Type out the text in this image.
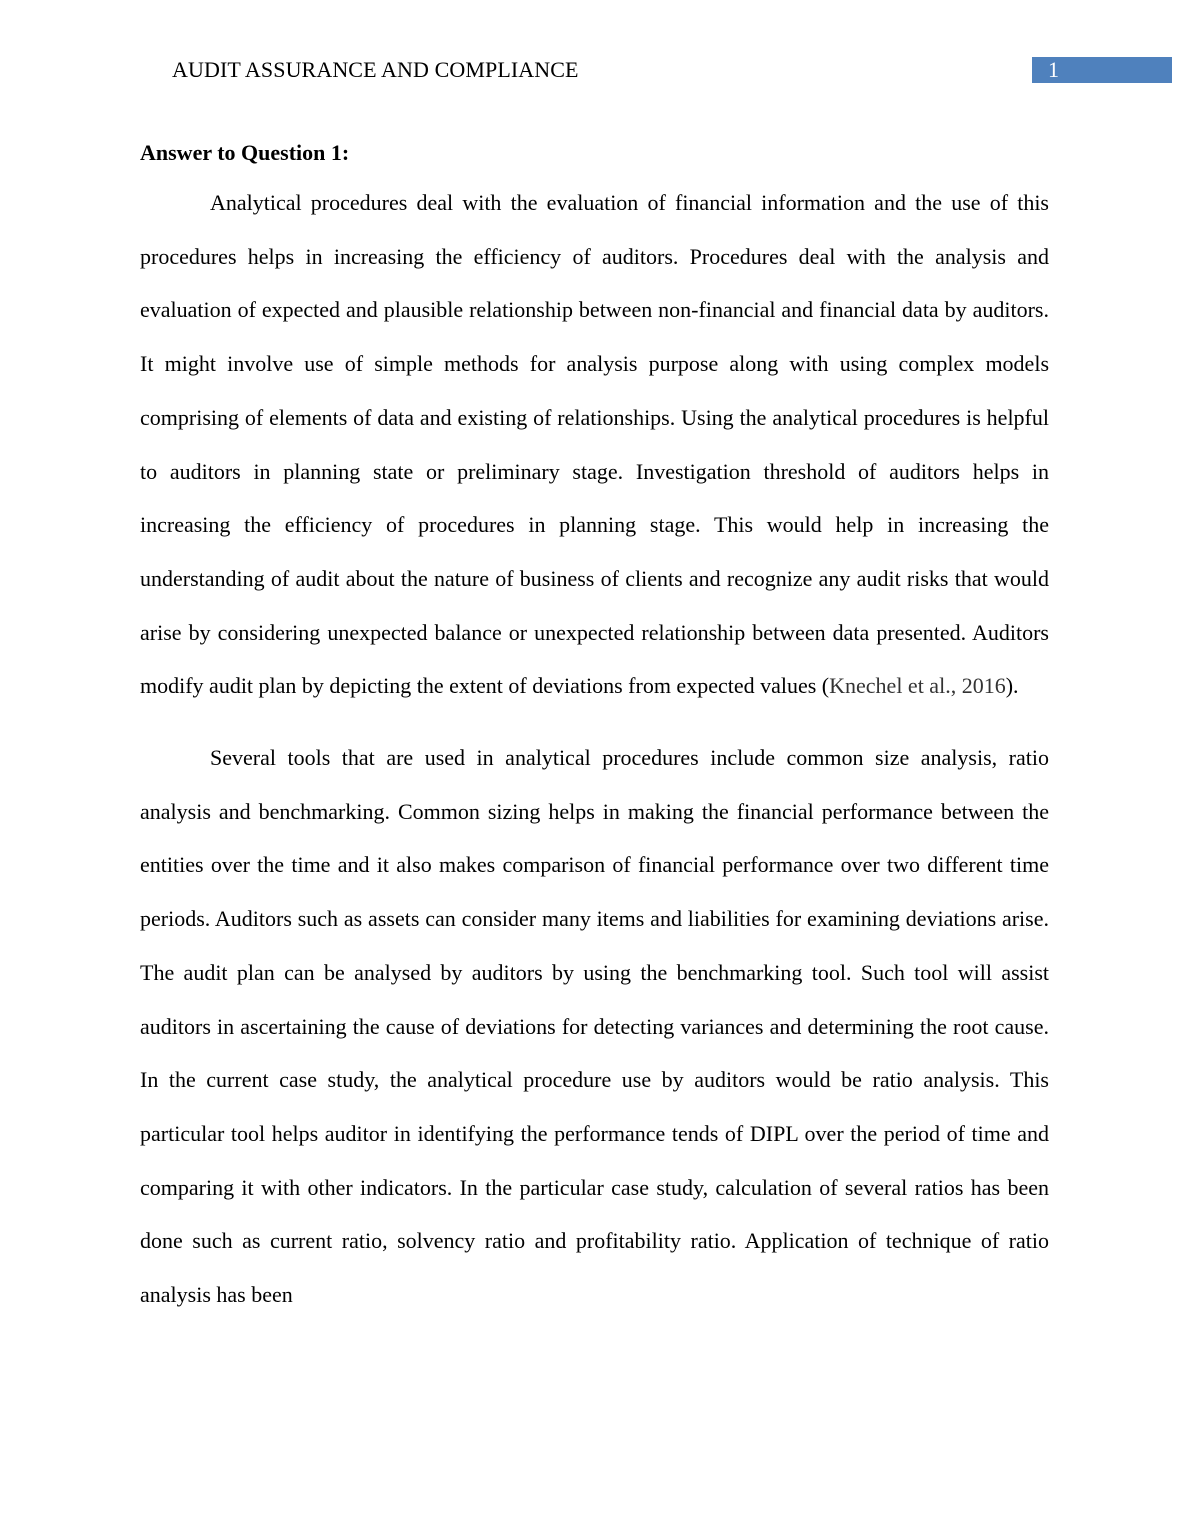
AUDIT ASSURANCE AND COMPLIANCE	1
Answer to Question 1:

Analytical procedures deal with the evaluation of financial information and the use of this procedures helps in increasing the efficiency of auditors. Procedures deal with the analysis and evaluation of expected and plausible relationship between non-financial and financial data by auditors. It might involve use of simple methods for analysis purpose along with using complex models comprising of elements of data and existing of relationships. Using the analytical procedures is helpful to auditors in planning state or preliminary stage. Investigation threshold of auditors helps in increasing the efficiency of procedures in planning stage. This would help in increasing the understanding of audit about the nature of business of clients and recognize any audit risks that would arise by considering unexpected balance or unexpected relationship between data presented. Auditors modify audit plan by depicting the extent of deviations from expected values (Knechel et al., 2016).

Several tools that are used in analytical procedures include common size analysis, ratio analysis and benchmarking. Common sizing helps in making the financial performance between the entities over the time and it also makes comparison of financial performance over two different time periods. Auditors such as assets can consider many items and liabilities for examining deviations arise. The audit plan can be analysed by auditors by using the benchmarking tool. Such tool will assist auditors in ascertaining the cause of deviations for detecting variances and determining the root cause. In the current case study, the analytical procedure use by auditors would be ratio analysis. This particular tool helps auditor in identifying the performance tends of DIPL over the period of time and comparing it with other indicators. In the particular case study, calculation of several ratios has been done such as current ratio, solvency ratio and profitability ratio. Application of technique of ratio analysis has been
